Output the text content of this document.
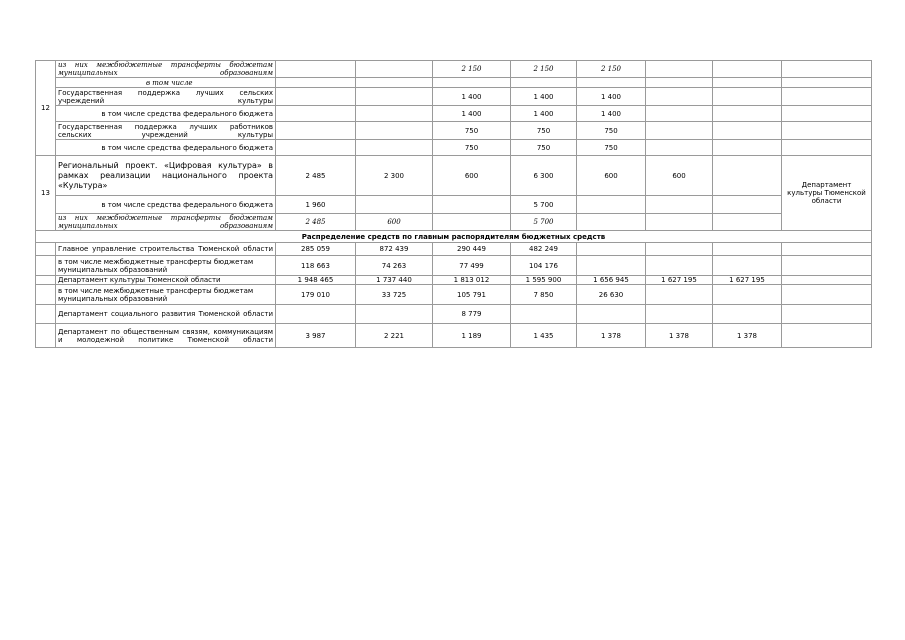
12	из них межбюджетные трансферты бюджетам муниципальных образованиям			2 150	2 150	2 150			
	в том числе								
	Государственная поддержка лучших сельских учреждений культуры			1 400	1 400	1 400			
	в том числе средства федерального бюджета			1 400	1 400	1 400			
	Государственная поддержка лучших работников сельских учреждений культуры			750	750	750			
	в том числе средства федерального бюджета			750	750	750			
13	Региональный проект. «Цифровая культура» в рамках реализации национального проекта «Культура»	2 485	2 300	600	6 300	600	600		Департамент культуры Тюменской области
	в том числе средства федерального бюджета	1 960			5 700				
	из них межбюджетные трансферты бюджетам муниципальных образованиям	2 485	600		5 700				
Распределение средств по главным распорядителям бюджетных средств									
	Главное управление строительства Тюменской области	285 059	872 439	290 449	482 249				
	в том числе межбюджетные трансферты бюджетам муниципальных образований	118 663	74 263	77 499	104 176				
	Департамент культуры Тюменской области	1 948 465	1 737 440	1 813 012	1 595 900	1 656 945	1 627 195	1 627 195	
	в том числе межбюджетные трансферты бюджетам муниципальных образований	179 010	33 725	105 791	7 850	26 630			
	Департамент социального развития Тюменской области			8 779					
	Департамент по общественным связям, коммуникациям и молодежной политике Тюменской области	3 987	2 221	1 189	1 435	1 378	1 378	1 378	
